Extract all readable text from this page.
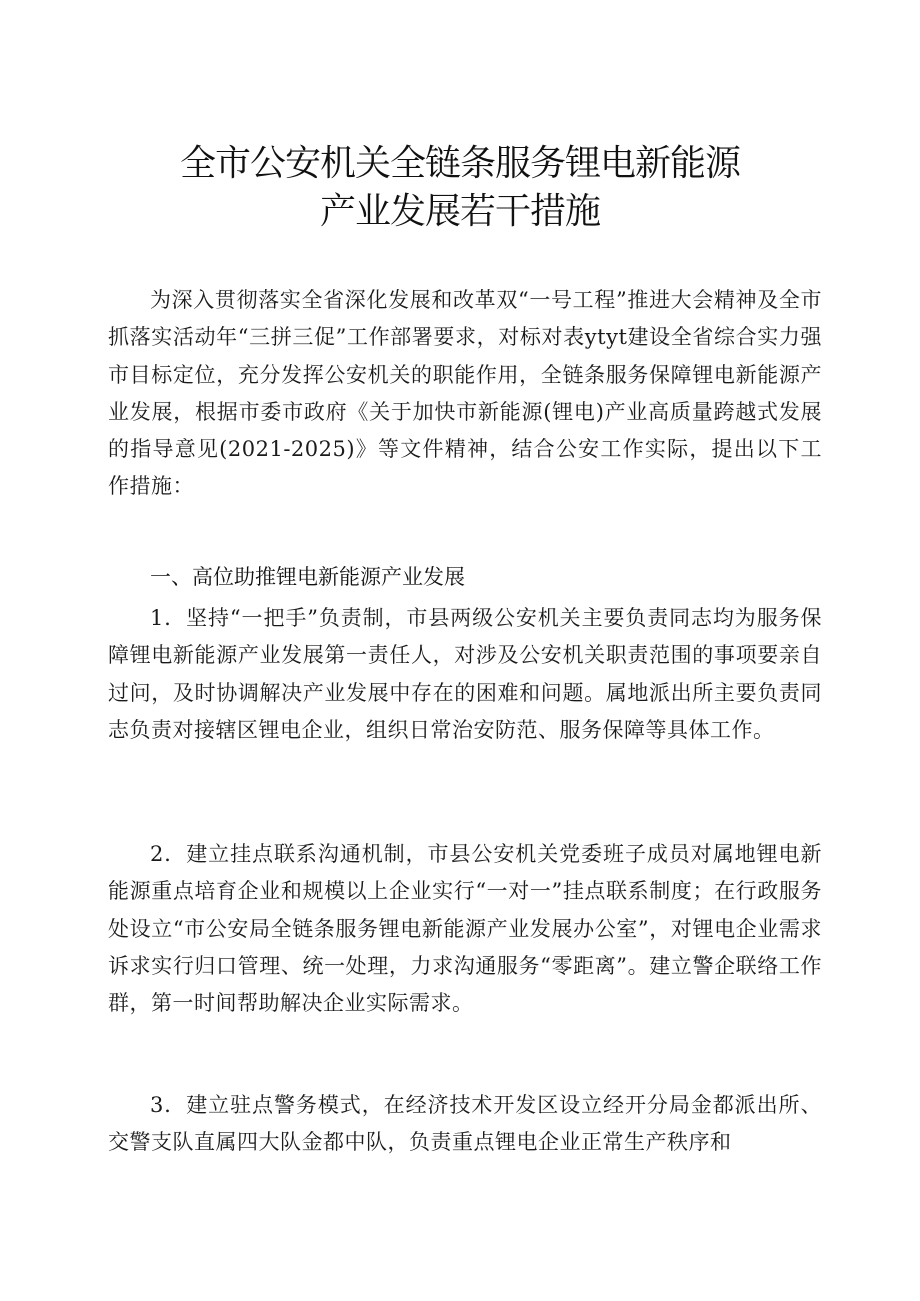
全市公安机关全链条服务锂电新能源
产业发展若干措施

为深入贯彻落实全省深化发展和改革双“一号工程”推进大会精神及全市抓落实活动年“三拼三促”工作部署要求，对标对表ytyt建设全省综合实力强市目标定位，充分发挥公安机关的职能作用，全链条服务保障锂电新能源产业发展，根据市委市政府《关于加快市新能源(锂电)产业高质量跨越式发展的指导意见(2021-2025)》等文件精神，结合公安工作实际，提出以下工作措施：

一、高位助推锂电新能源产业发展

1．坚持“一把手”负责制，市县两级公安机关主要负责同志均为服务保障锂电新能源产业发展第一责任人，对涉及公安机关职责范围的事项要亲自过问，及时协调解决产业发展中存在的困难和问题。属地派出所主要负责同志负责对接辖区锂电企业，组织日常治安防范、服务保障等具体工作。

2．建立挂点联系沟通机制，市县公安机关党委班子成员对属地锂电新能源重点培育企业和规模以上企业实行“一对一”挂点联系制度；在行政服务处设立“市公安局全链条服务锂电新能源产业发展办公室”，对锂电企业需求诉求实行归口管理、统一处理，力求沟通服务“零距离”。建立警企联络工作群，第一时间帮助解决企业实际需求。

3．建立驻点警务模式，在经济技术开发区设立经开分局金都派出所、交警支队直属四大队金都中队，负责重点锂电企业正常生产秩序和
